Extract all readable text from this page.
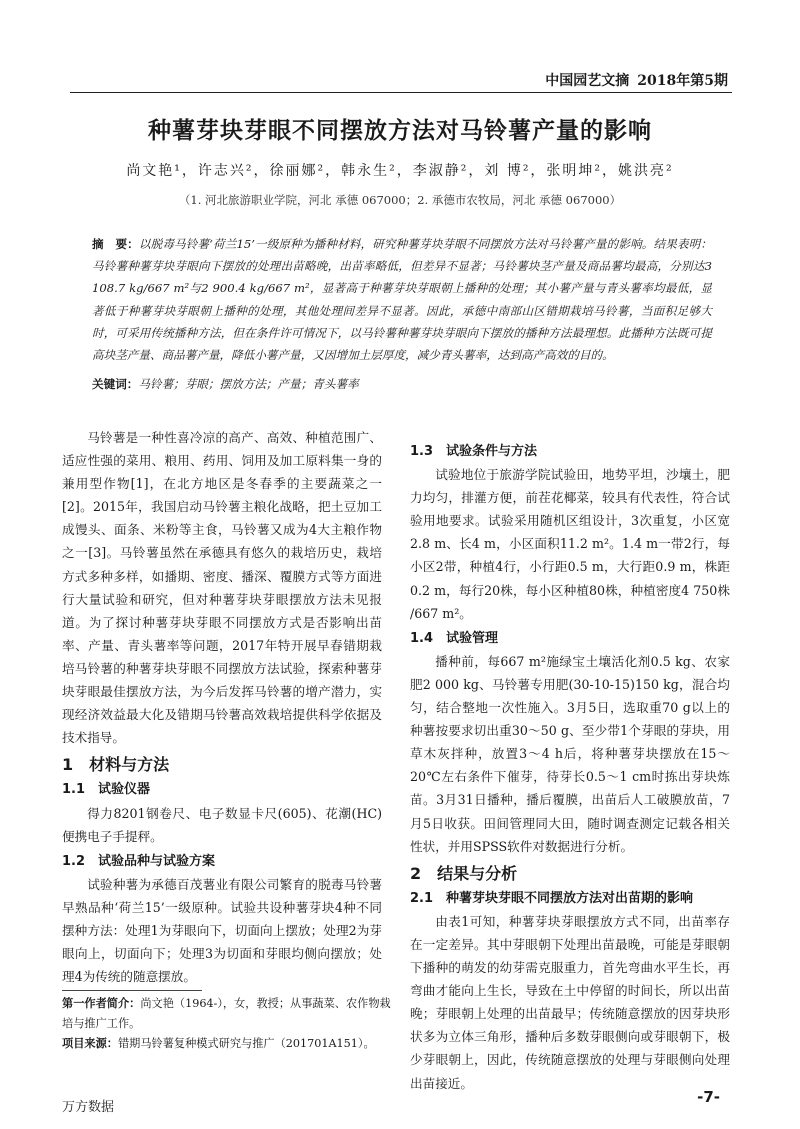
中国园艺文摘 2018年第5期
种薯芽块芽眼不同摆放方法对马铃薯产量的影响
尚文艳¹，许志兴²，徐丽娜²，韩永生²，李淑静²，刘 博²，张明坤²，姚洪亮²
（1. 河北旅游职业学院，河北 承德 067000；2. 承德市农牧局，河北 承德 067000）
摘　要：以脱毒马铃薯‘荷兰15’一级原种为播种材料，研究种薯芽块芽眼不同摆放方法对马铃薯产量的影响。结果表明：马铃薯种薯芽块芽眼向下摆放的处理出苗略晚，出苗率略低，但差异不显著；马铃薯块茎产量及商品薯均最高，分别达3 108.7 kg/667 m²与2 900.4 kg/667 m²，显著高于种薯芽块芽眼朝上播种的处理；其小薯产量与青头薯率均最低，显著低于种薯芽块芽眼朝上播种的处理，其他处理间差异不显著。因此，承德中南部山区错期栽培马铃薯，当面积足够大时，可采用传统播种方法，但在条件许可情况下，以马铃薯种薯芽块芽眼向下摆放的播种方法最理想。此播种方法既可提高块茎产量、商品薯产量，降低小薯产量，又因增加土层厚度，减少青头薯率，达到高产高效的目的。
关键词：马铃薯；芽眼；摆放方法；产量；青头薯率

马铃薯是一种性喜冷凉的高产、高效、种植范围广、适应性强的菜用、粮用、药用、饲用及加工原料集一身的兼用型作物[1]，在北方地区是冬春季的主要蔬菜之一[2]。2015年，我国启动马铃薯主粮化战略，把土豆加工成馒头、面条、米粉等主食，马铃薯又成为4大主粮作物之一[3]。马铃薯虽然在承德具有悠久的栽培历史，栽培方式多种多样，如播期、密度、播深、覆膜方式等方面进行大量试验和研究，但对种薯芽块芽眼摆放方法未见报道。为了探讨种薯芽块芽眼不同摆放方式是否影响出苗率、产量、青头薯率等问题，2017年特开展早春错期栽培马铃薯的种薯芽块芽眼不同摆放方法试验，探索种薯芽块芽眼最佳摆放方法，为今后发挥马铃薯的增产潜力，实现经济效益最大化及错期马铃薯高效栽培提供科学依据及技术指导。

1　材料与方法
1.1　试验仪器

得力8201钢卷尺、电子数显卡尺(605)、花潮(HC)便携电子手提秤。

1.2　试验品种与试验方案

试验种薯为承德百茂薯业有限公司繁育的脱毒马铃薯早熟品种‘荷兰15’一级原种。试验共设种薯芽块4种不同摆种方法：处理1为芽眼向下，切面向上摆放；处理2为芽眼向上，切面向下；处理3为切面和芽眼均侧向摆放；处理4为传统的随意摆放。

1.3　试验条件与方法

试验地位于旅游学院试验田，地势平坦，沙壤土，肥力均匀，排灌方便，前茬花椰菜，较具有代表性，符合试验用地要求。试验采用随机区组设计，3次重复，小区宽2.8 m、长4 m，小区面积11.2 m²。1.4 m一带2行，每小区2带，种植4行，小行距0.5 m，大行距0.9 m，株距0.2 m，每行20株，每小区种植80株，种植密度4 750株 /667 m²。

1.4　试验管理

播种前，每667 m²施绿宝土壤活化剂0.5 kg、农家肥2 000 kg、马铃薯专用肥(30-10-15)150 kg，混合均匀，结合整地一次性施入。3月5日，选取重70 g以上的种薯按要求切出重30～50 g、至少带1个芽眼的芽块，用草木灰拌种，放置3～4 h后，将种薯芽块摆放在15～20℃左右条件下催芽，待芽长0.5～1 cm时拣出芽块炼苗。3月31日播种，播后覆膜，出苗后人工破膜放苗，7月5日收获。田间管理同大田，随时调查测定记载各相关性状，并用SPSS软件对数据进行分析。

2　结果与分析
2.1　种薯芽块芽眼不同摆放方法对出苗期的影响

由表1可知，种薯芽块芽眼摆放方式不同，出苗率存在一定差异。其中芽眼朝下处理出苗最晚，可能是芽眼朝下播种的萌发的幼芽需克服重力，首先弯曲水平生长，再弯曲才能向上生长，导致在土中停留的时间长，所以出苗晚；芽眼朝上处理的出苗最早；传统随意摆放的因芽块形状多为立体三角形，播种后多数芽眼侧向或芽眼朝下，极少芽眼朝上，因此，传统随意摆放的处理与芽眼侧向处理出苗接近。

第一作者简介：尚文艳（1964-），女，教授；从事蔬菜、农作物栽培与推广工作。
项目来源：错期马铃薯复种模式研究与推广（201701A151）。
万方数据
-7-
